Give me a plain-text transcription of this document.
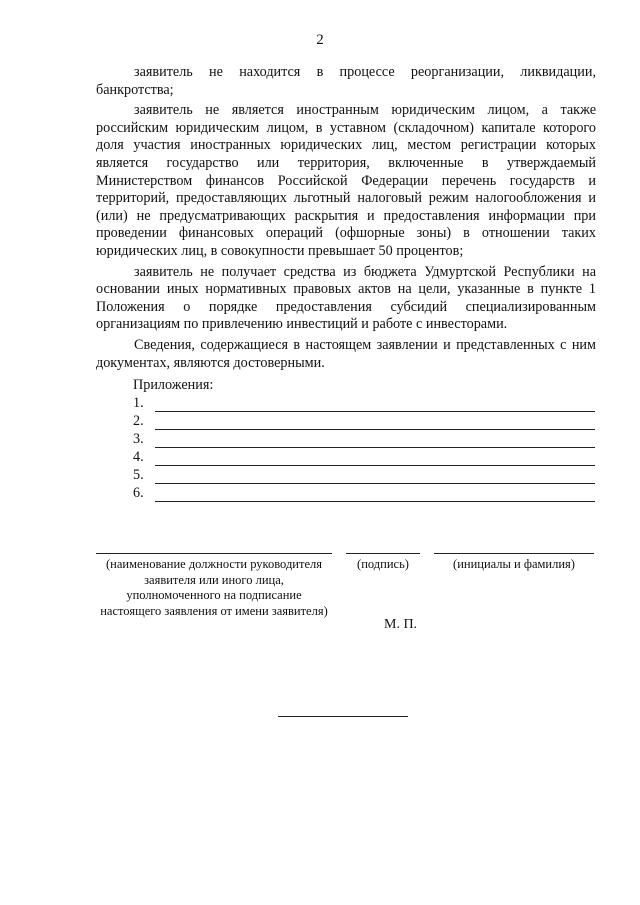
2

заявитель не находится в процессе реорганизации, ликвидации, банкротства;

заявитель не является иностранным юридическим лицом, а также российским юридическим лицом, в уставном (складочном) капитале которого доля участия иностранных юридических лиц, местом регистрации которых является государство или территория, включенные в утверждаемый Министерством финансов Российской Федерации перечень государств и территорий, предоставляющих льготный налоговый режим налогообложения и (или) не предусматривающих раскрытия и предоставления информации при проведении финансовых операций (офшорные зоны) в отношении таких юридических лиц, в совокупности превышает 50 процентов;

заявитель не получает средства из бюджета Удмуртской Республики на основании иных нормативных правовых актов на цели, указанные в пункте 1 Положения о порядке предоставления субсидий специализированным организациям по привлечению инвестиций и работе с инвесторами.

Сведения, содержащиеся в настоящем заявлении и представленных с ним документах, являются достоверными.

Приложения:
1.
2.
3.
4.
5.
6.
(наименование должности руководителя заявителя или иного лица, уполномоченного на подписание настоящего заявления от имени заявителя)
(подпись)	(инициалы и фамилия)
М. П.
